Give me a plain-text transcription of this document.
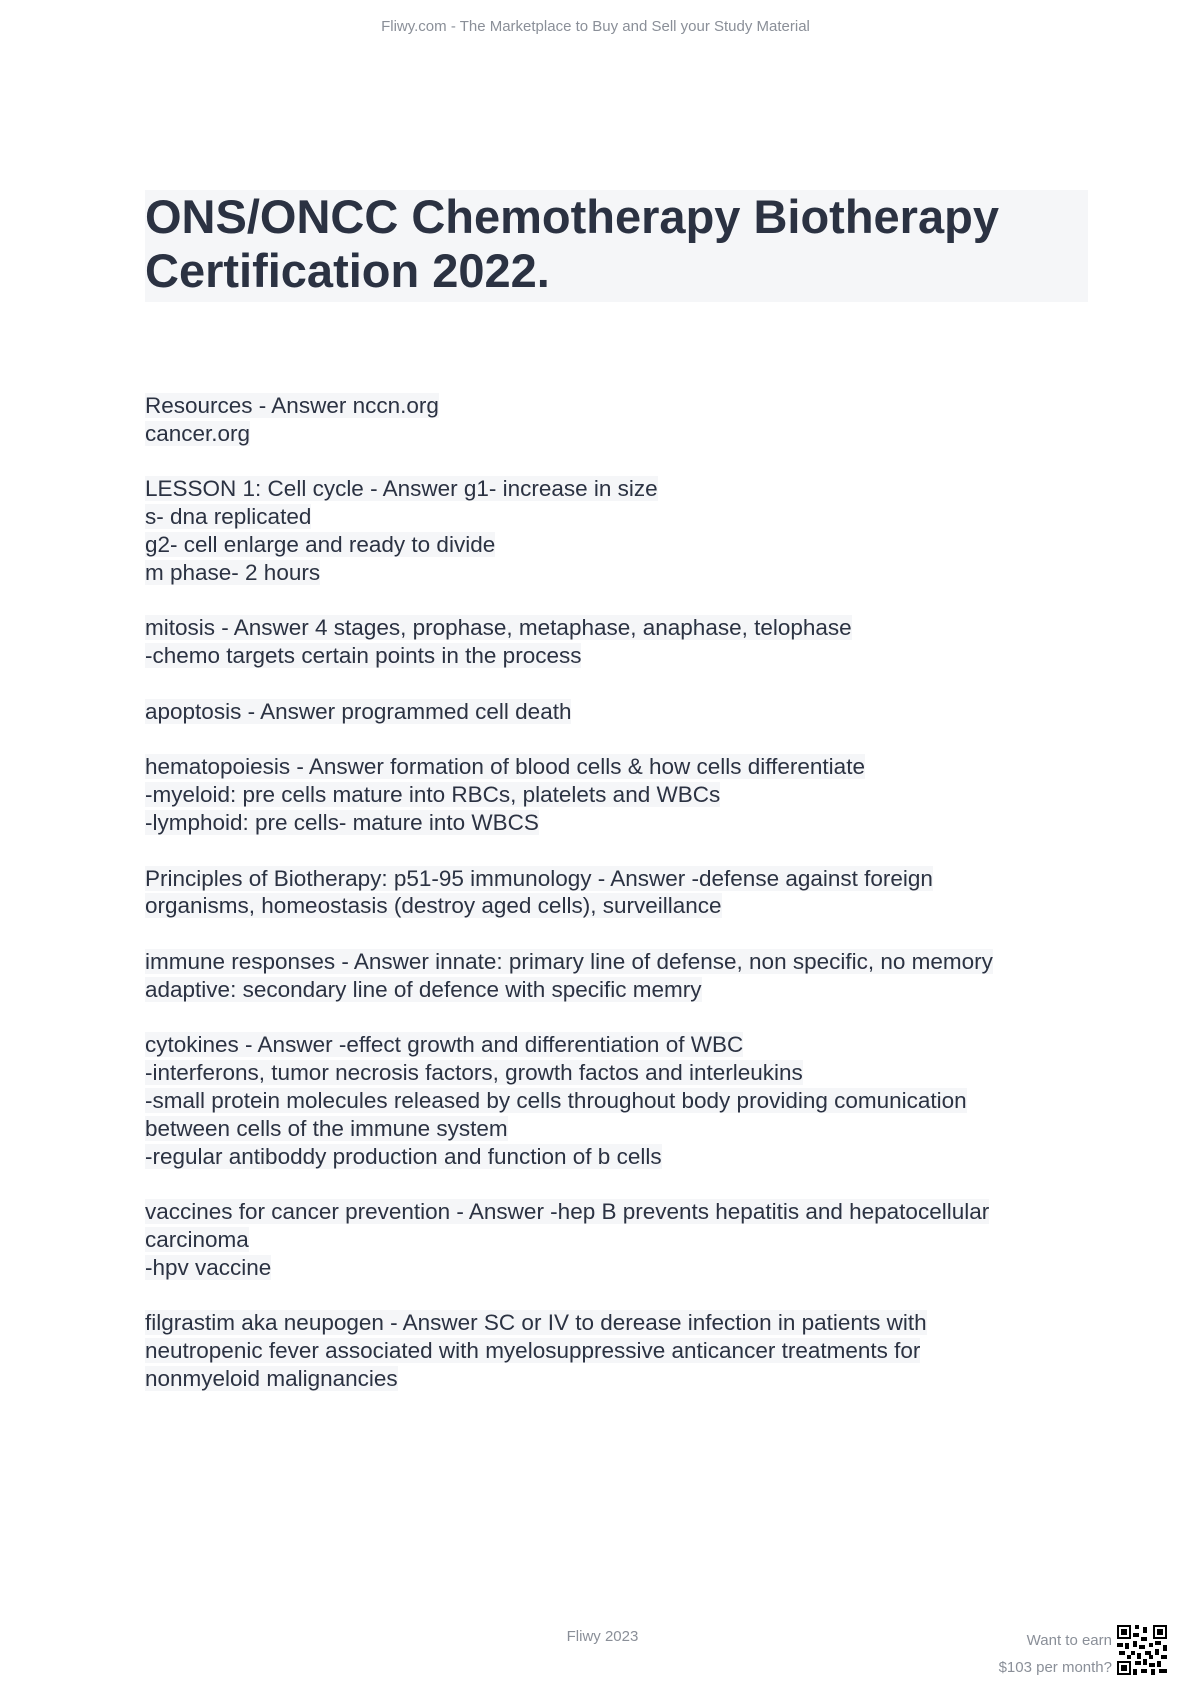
Fliwy.com - The Marketplace to Buy and Sell your Study Material
ONS/ONCC Chemotherapy Biotherapy
Certification 2022.
Resources - Answer nccn.org
cancer.org
LESSON 1: Cell cycle - Answer g1- increase in size
s- dna replicated
g2- cell enlarge and ready to divide
m phase- 2 hours
mitosis - Answer 4 stages, prophase, metaphase, anaphase, telophase
-chemo targets certain points in the process
apoptosis - Answer programmed cell death
hematopoiesis - Answer formation of blood cells & how cells differentiate
-myeloid: pre cells mature into RBCs, platelets and WBCs
-lymphoid: pre cells- mature into WBCS
Principles of Biotherapy: p51-95 immunology - Answer -defense against foreign
organisms, homeostasis (destroy aged cells), surveillance
immune responses - Answer innate: primary line of defense, non specific, no memory
adaptive: secondary line of defence with specific memry
cytokines - Answer -effect growth and differentiation of WBC
-interferons, tumor necrosis factors, growth factos and interleukins
-small protein molecules released by cells throughout body providing comunication
between cells of the immune system
-regular antiboddy production and function of b cells
vaccines for cancer prevention - Answer -hep B prevents hepatitis and hepatocellular
carcinoma
-hpv vaccine
filgrastim aka neupogen - Answer SC or IV to derease infection in patients with
neutropenic fever associated with myelosuppressive anticancer treatments for
nonmyeloid malignancies
Fliwy 2023	Want to earn
$103 per month?
